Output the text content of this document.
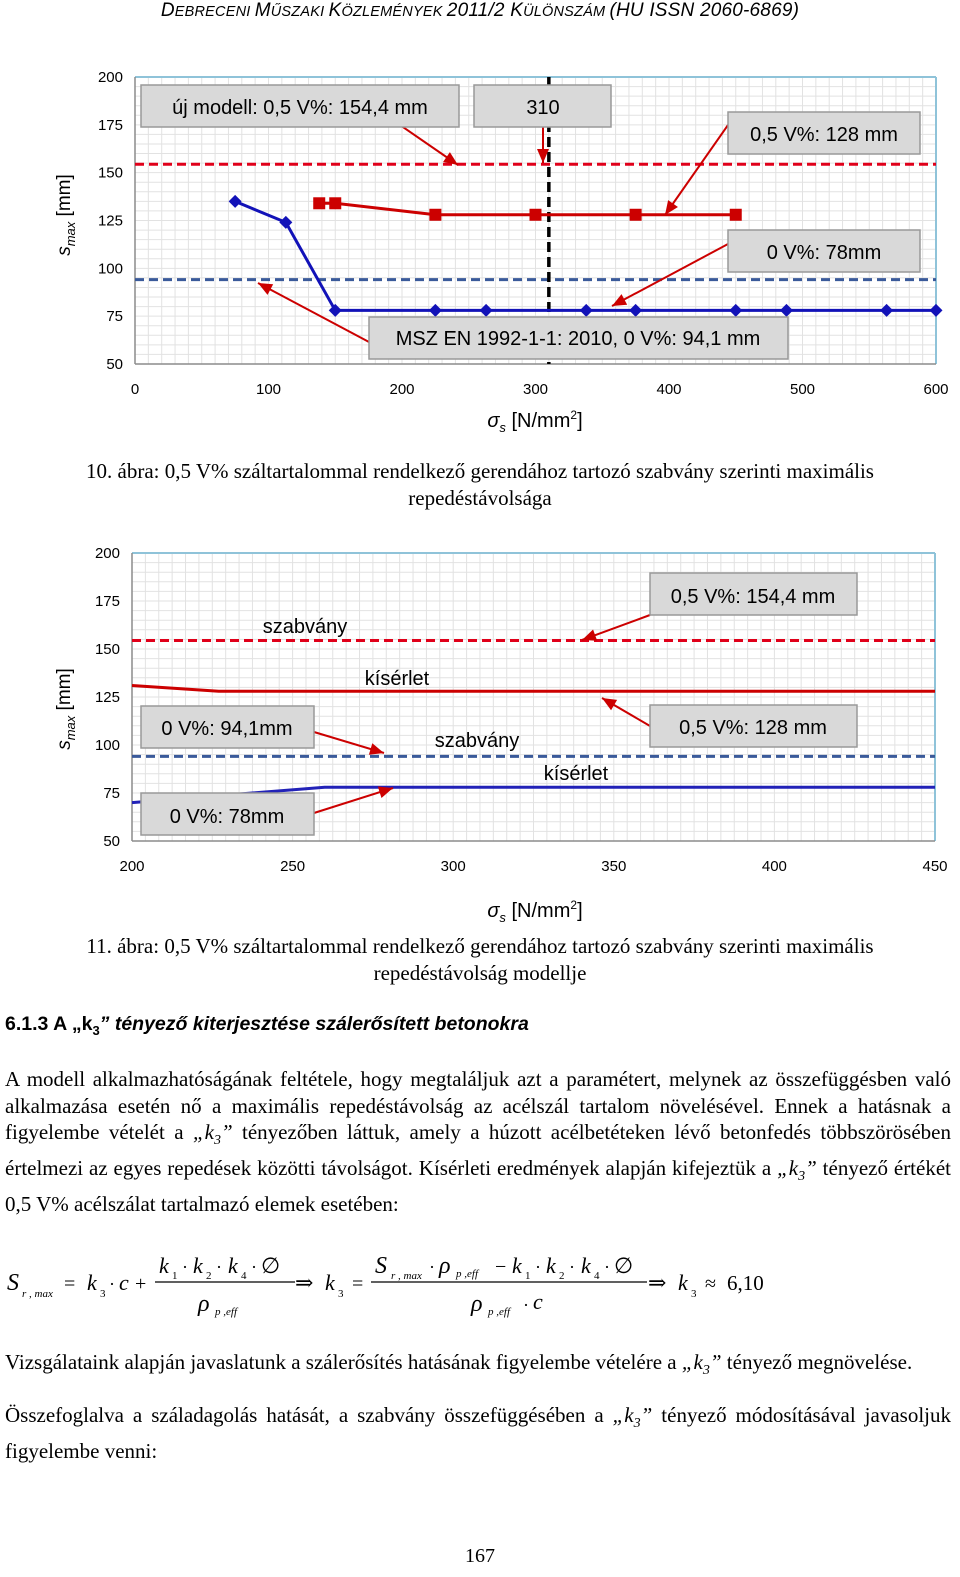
DEBRECENI MŰSZAKI KÖZLEMÉNYEK 2011/2 KÜLÖNSZÁM (HU ISSN 2060-6869)
0	100	200	300	400	500	600
50
75
100
125
150
175
200
új modell: 0,5 V%: 154,4 mm	310
0,5 V%: 128 mm
0 V%: 78mm
MSZ EN 1992-1-1: 2010, 0 V%: 94,1 mm
$s_{max}$ [mm]
$\sigma_s$ $[N/mm^2]$
10. ábra: 0,5 V% száltartalommal rendelkező gerendához tartozó szabvány szerinti maximális
repedéstávolsága
200	250	300	350	400	450
50
75
100
125
150
175
200
0,5 V%: 154,4 mm
szabvány
kísérlet
0 V%: 94,1mm
szabvány
0,5 V%: 128 mm
kísérlet
0 V%: 78mm
$s_{max}$ [mm]
$\sigma_s$ $[N/mm^2]$
11. ábra: 0,5 V% száltartalommal rendelkező gerendához tartozó szabvány szerinti maximális
repedéstávolság modellje
6.1.3 A $„k_3$” tényező kiterjesztése szálerősített betonokra
A modell alkalmazhatóságának feltétele, hogy megtaláljuk azt a paramétert, melynek az összefüggésben való alkalmazása esetén nő a maximális repedéstávolság az acélszál tartalom növelésével. Ennek a hatásnak a figyelembe vételét a $„k_3$” tényezőben láttuk, amely a húzott acélbetéteken lévő betonfedés többszörösében értelmezi az egyes repedések közötti távolságot. Kísérleti eredmények alapján kifejeztük a $„k_3$” tényező értékét 0,5 V% acélszálat tartalmazó elemek esetében:
S r , max = k 3 · c +
k 1 · k 2 · k 4 · ∅
ρ p ,eff
⇒ k 3 =
S r , max · ρ p ,eff − k 1 · k 2 · k 4 · ∅
ρ p ,eff · c
⇒ k 3 ≈ 6,10
Vizsgálataink alapján javaslatunk a szálerősítés hatásának figyelembe vételére a $„k_3$” tényező megnövelése.
Összefoglalva a száladagolás hatását, a szabvány összefüggésében a $„k_3$” tényező módosításával javasoljuk figyelembe venni:
167
